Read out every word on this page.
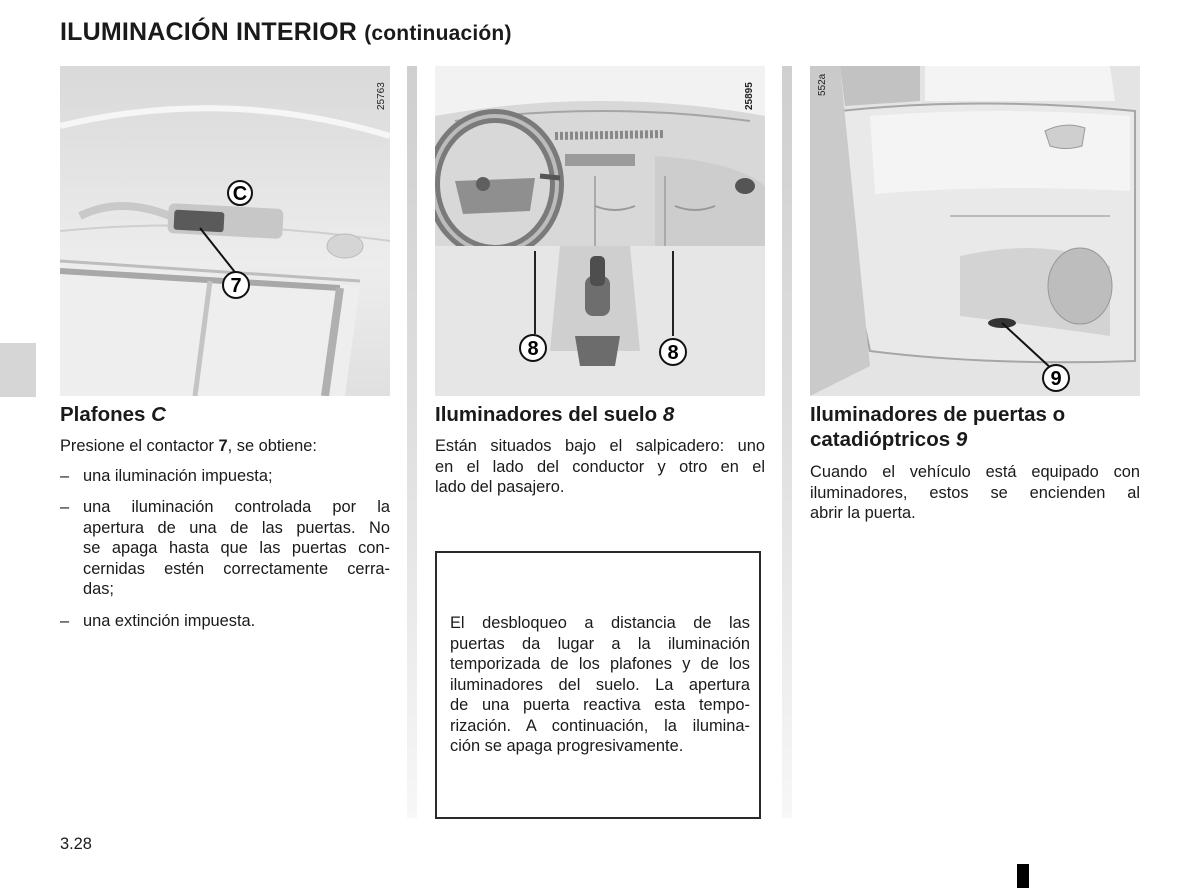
ILUMINACIÓN INTERIOR (continuación)
C
7
25763
8	8
25895
9
552a
Plafones C
Presione el contactor 7, se obtiene:
– una iluminación impuesta;
– una iluminación controlada por la
apertura de una de las puertas. No
se apaga hasta que las puertas con-
cernidas estén correctamente cerra-
das;
– una extinción impuesta.
Iluminadores del suelo 8
Están situados bajo el salpicadero: uno
en el lado del conductor y otro en el
lado del pasajero.
El desbloqueo a distancia de las
puertas da lugar a la iluminación
temporizada de los plafones y de los
iluminadores del suelo. La apertura
de una puerta reactiva esta tempo-
rización. A continuación, la ilumina-
ción se apaga progresivamente.
Iluminadores de puertas o
catadióptricos 9
Cuando el vehículo está equipado con
iluminadores, estos se encienden al
abrir la puerta.
3.28
